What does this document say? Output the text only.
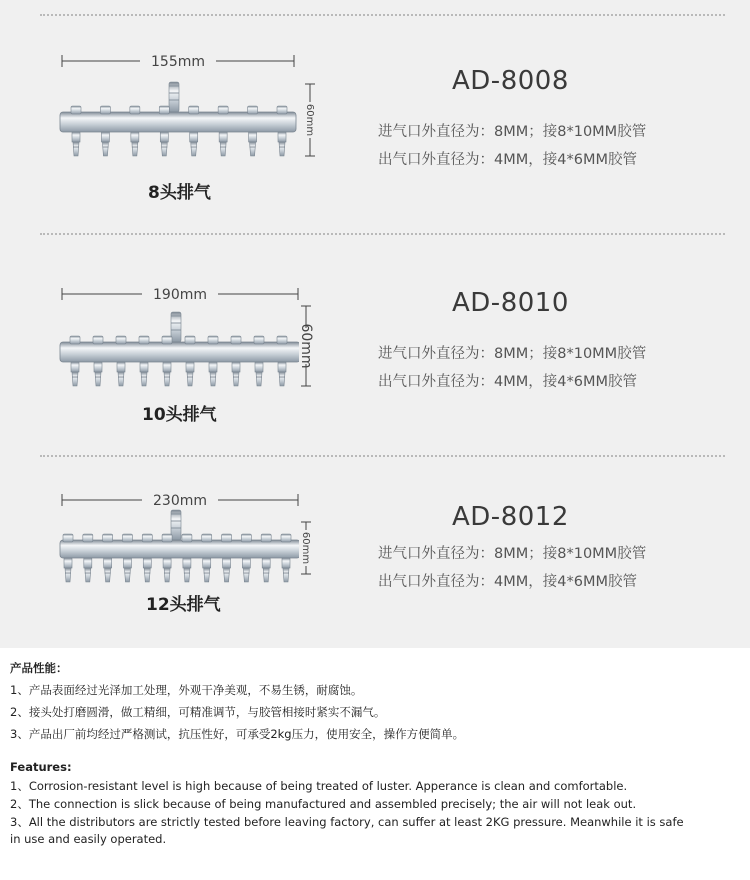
155mm
60mm
AD-8008
进气口外直径为：8MM；接8*10MM胶管
出气口外直径为：4MM，接4*6MM胶管
8头排气
190mm
60mm
AD-8010
进气口外直径为：8MM；接8*10MM胶管
出气口外直径为：4MM，接4*6MM胶管
10头排气
230mm
60mm
AD-8012
进气口外直径为：8MM；接8*10MM胶管
出气口外直径为：4MM，接4*6MM胶管
12头排气
产品性能：
1、产品表面经过光泽加工处理，外观干净美观，不易生锈，耐腐蚀。
2、接头处打磨圆滑，做工精细，可精准调节，与胶管相接时紧实不漏气。
3、产品出厂前均经过严格测试，抗压性好，可承受2kg压力，使用安全，操作方便简单。
Features:
1、Corrosion-resistant level is high because of being treated of luster. Apperance is clean and comfortable.
2、The connection is slick because of being manufactured and assembled precisely; the air will not leak out.
3、All the distributors are strictly tested before leaving factory, can suffer at least 2KG pressure. Meanwhile it is safe
in use and easily operated.
